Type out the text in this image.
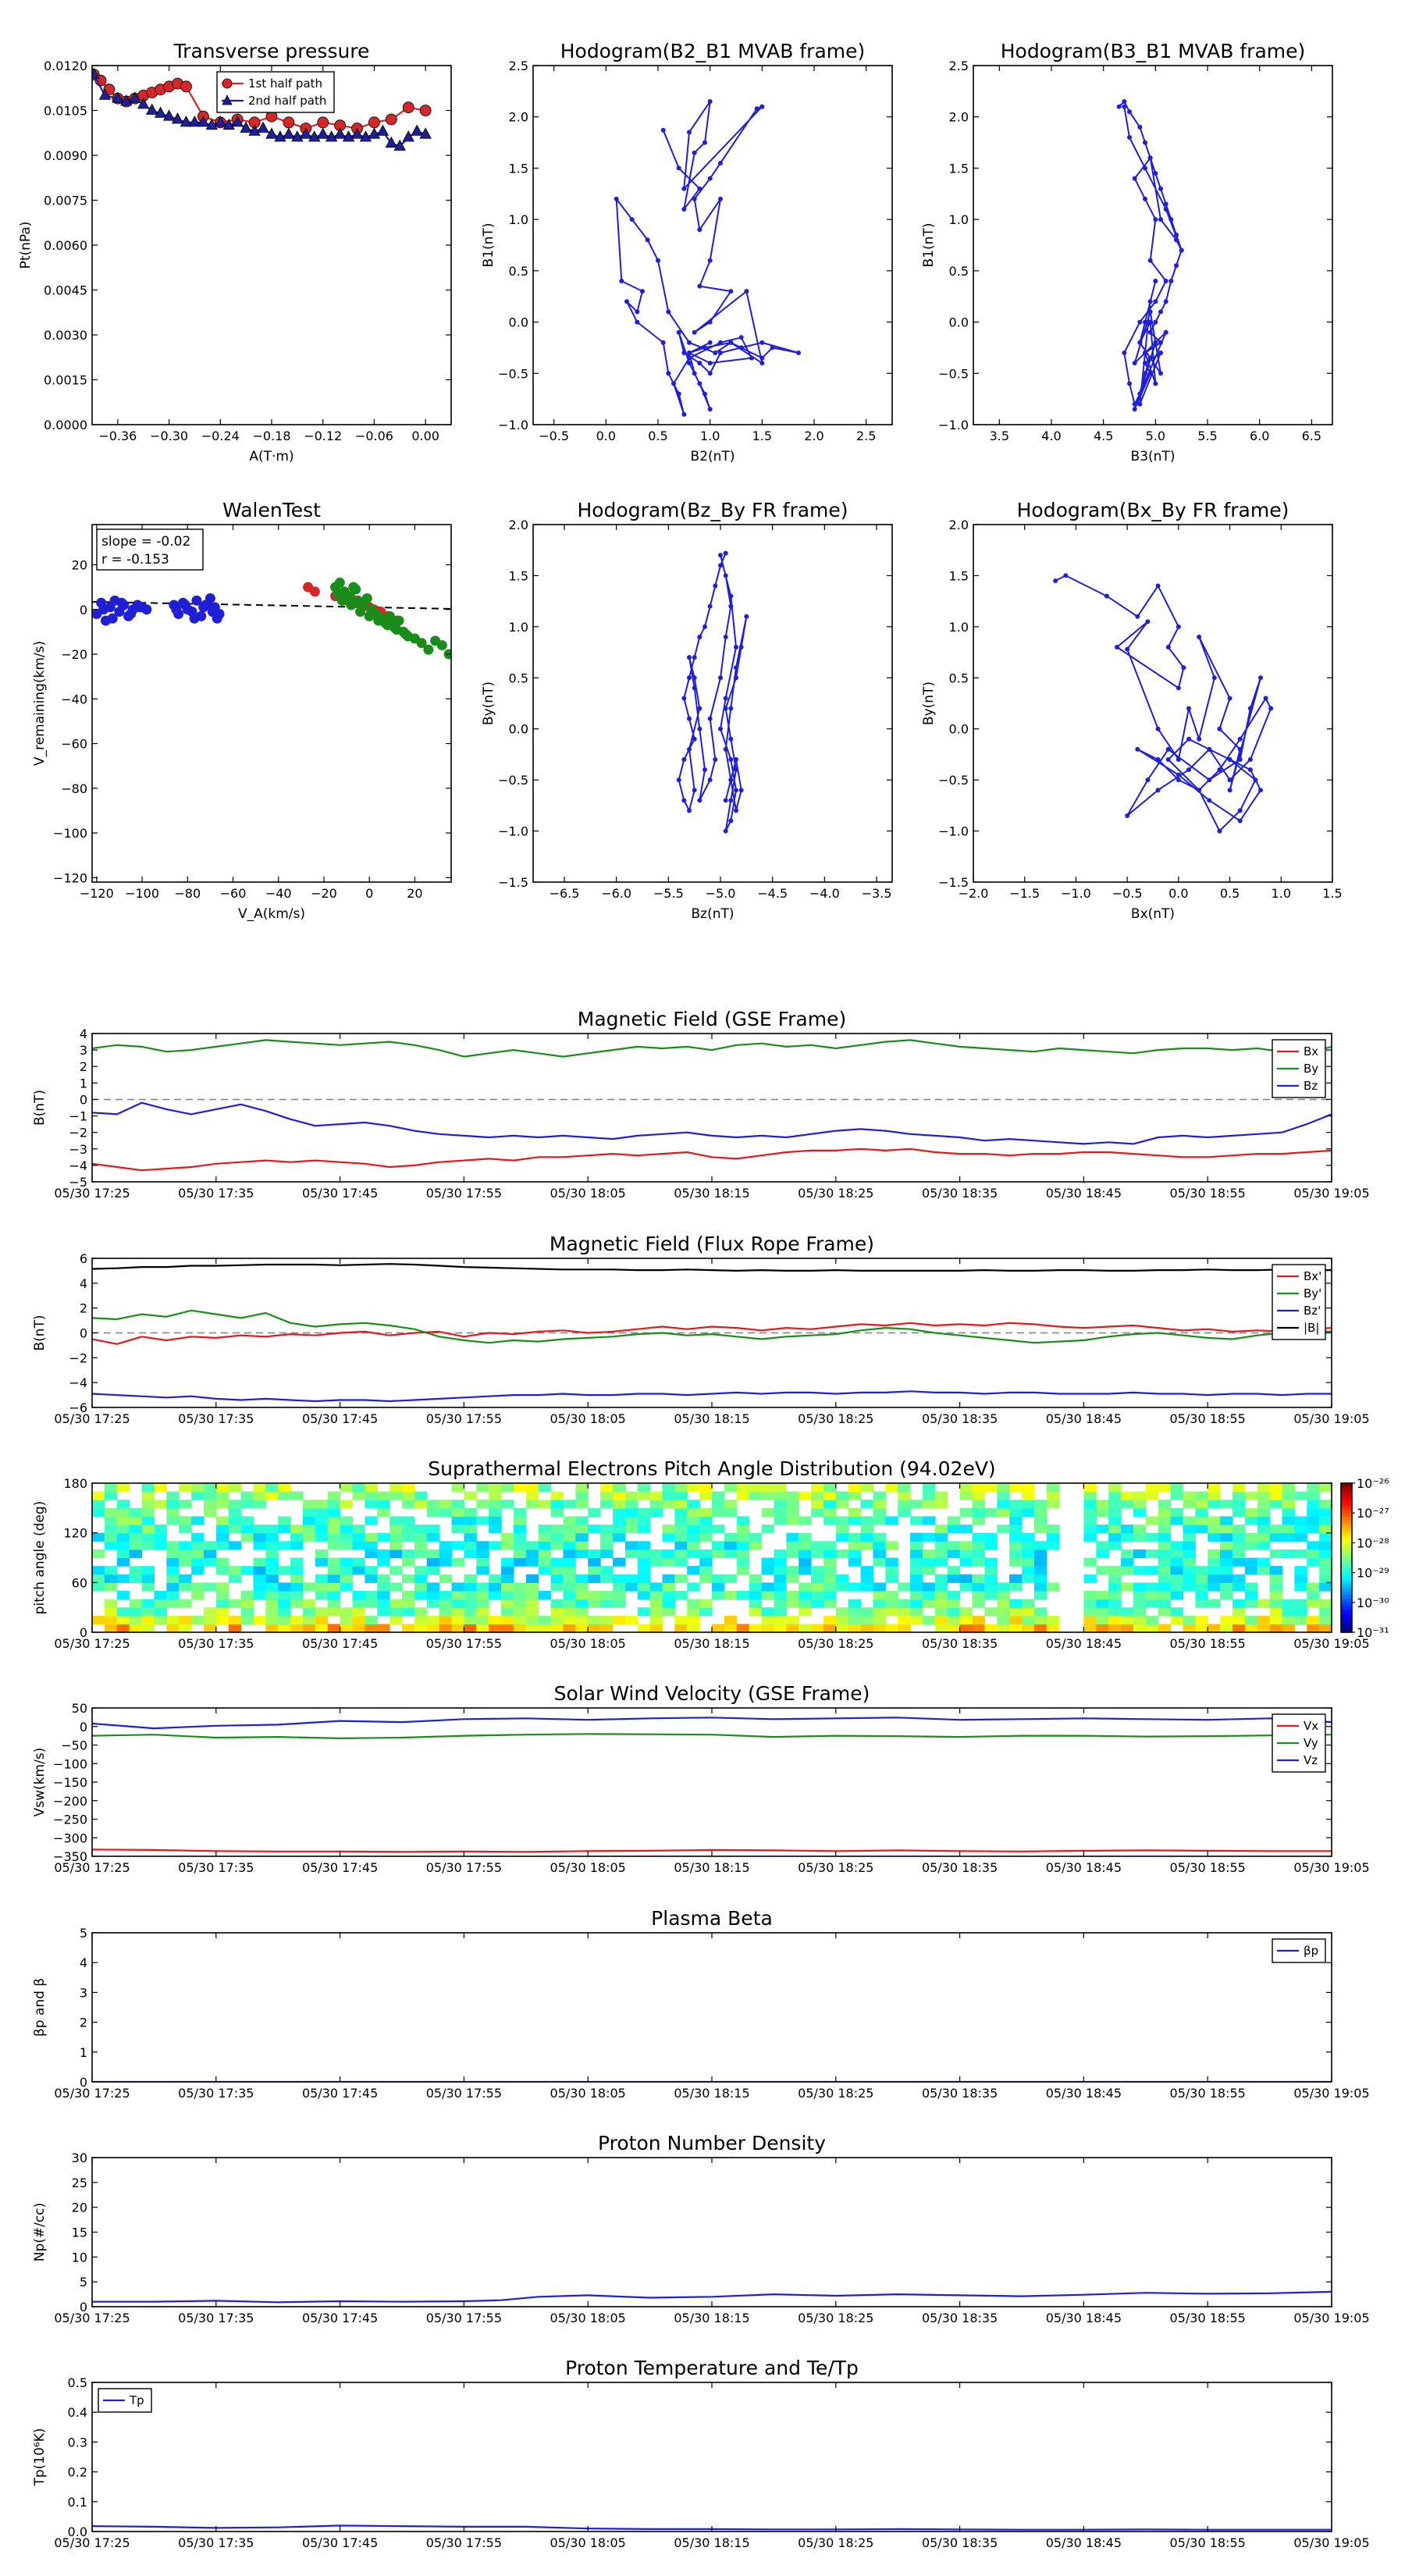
Transverse pressure
−0.36 −0.30 −0.24 −0.18 −0.12 −0.06 0.00
0.0000
0.0015
0.0030
0.0045
0.0060
0.0075
0.0090
0.0105
0.0120
A(T·m)
Pt(nPa)
1st half path
2nd half path
Hodogram(B2_B1 MVAB frame)
−0.5 0.0	0.5	1.0	1.5	2.0	2.5
−1.0
−0.5
0.0
0.5
1.0
1.5
2.0
2.5
B2(nT)
B1(nT)
Hodogram(B3_B1 MVAB frame)
3.5	4.0	4.5	5.0	5.5	6.0	6.5
−1.0
−0.5
0.0
0.5
1.0
1.5
2.0
2.5
B3(nT)
B1(nT)
WalenTest
−120 −100 −80 −60 −40 −20 0	20
−120
−100
−80
−60
−40
−20
0
20
V_A(km/s)
V_remaining(km/s)
slope = -0.02
r = -0.153
Hodogram(Bz_By FR frame)
−6.5 −6.0 −5.5 −5.0 −4.5 −4.0 −3.5
−1.5
−1.0
−0.5
0.0
0.5
1.0
1.5
2.0
Bz(nT)
By(nT)
Hodogram(Bx_By FR frame)
−2.0 −1.5 −1.0 −0.5 0.0	0.5	1.0	1.5
−1.5
−1.0
−0.5
0.0
0.5
1.0
1.5
2.0
Bx(nT)
By(nT)
Magnetic Field (GSE Frame)
05/30 17:25	05/30 17:35	05/30 17:45	05/30 17:55	05/30 18:05	05/30 18:15	05/30 18:25	05/30 18:35	05/30 18:45	05/30 18:55	05/30 19:05
−5
−4
−3
−2
−1
0
1
2
3
4
B(nT)
Bx
By
Bz
Magnetic Field (Flux Rope Frame)
05/30 17:25	05/30 17:35	05/30 17:45	05/30 17:55	05/30 18:05	05/30 18:15	05/30 18:25	05/30 18:35	05/30 18:45	05/30 18:55	05/30 19:05
−6
−4
−2
0
2
4
6
B(nT)
Bx'
By'
Bz'
|B|
Suprathermal Electrons Pitch Angle Distribution (94.02eV)
10⁻²⁶
10⁻²⁷
10⁻²⁸
10⁻²⁹
10⁻³⁰
10⁻³¹
05/30 17:25	05/30 17:35	05/30 17:45	05/30 17:55	05/30 18:05	05/30 18:15	05/30 18:25	05/30 18:35	05/30 18:45	05/30 18:55	05/30 19:05
0
60
120
180
pitch angle (deg)
Solar Wind Velocity (GSE Frame)
05/30 17:25	05/30 17:35	05/30 17:45	05/30 17:55	05/30 18:05	05/30 18:15	05/30 18:25	05/30 18:35	05/30 18:45	05/30 18:55	05/30 19:05
−350
−300
−250
−200
−150
−100
−50
0
50
Vsw(km/s)
Vx
Vy
Vz
Plasma Beta
05/30 17:25	05/30 17:35	05/30 17:45	05/30 17:55	05/30 18:05	05/30 18:15	05/30 18:25	05/30 18:35	05/30 18:45	05/30 18:55	05/30 19:05
0
1
2
3
4
5
βp and β
βp
Proton Number Density
05/30 17:25	05/30 17:35	05/30 17:45	05/30 17:55	05/30 18:05	05/30 18:15	05/30 18:25	05/30 18:35	05/30 18:45	05/30 18:55	05/30 19:05
0
5
10
15
20
25
30
Np(#/cc)
Proton Temperature and Te/Tp
05/30 17:25	05/30 17:35	05/30 17:45	05/30 17:55	05/30 18:05	05/30 18:15	05/30 18:25	05/30 18:35	05/30 18:45	05/30 18:55	05/30 19:05
0.0
0.1
0.2
0.3
0.4
0.5
Tp(10⁶K)
Tp
